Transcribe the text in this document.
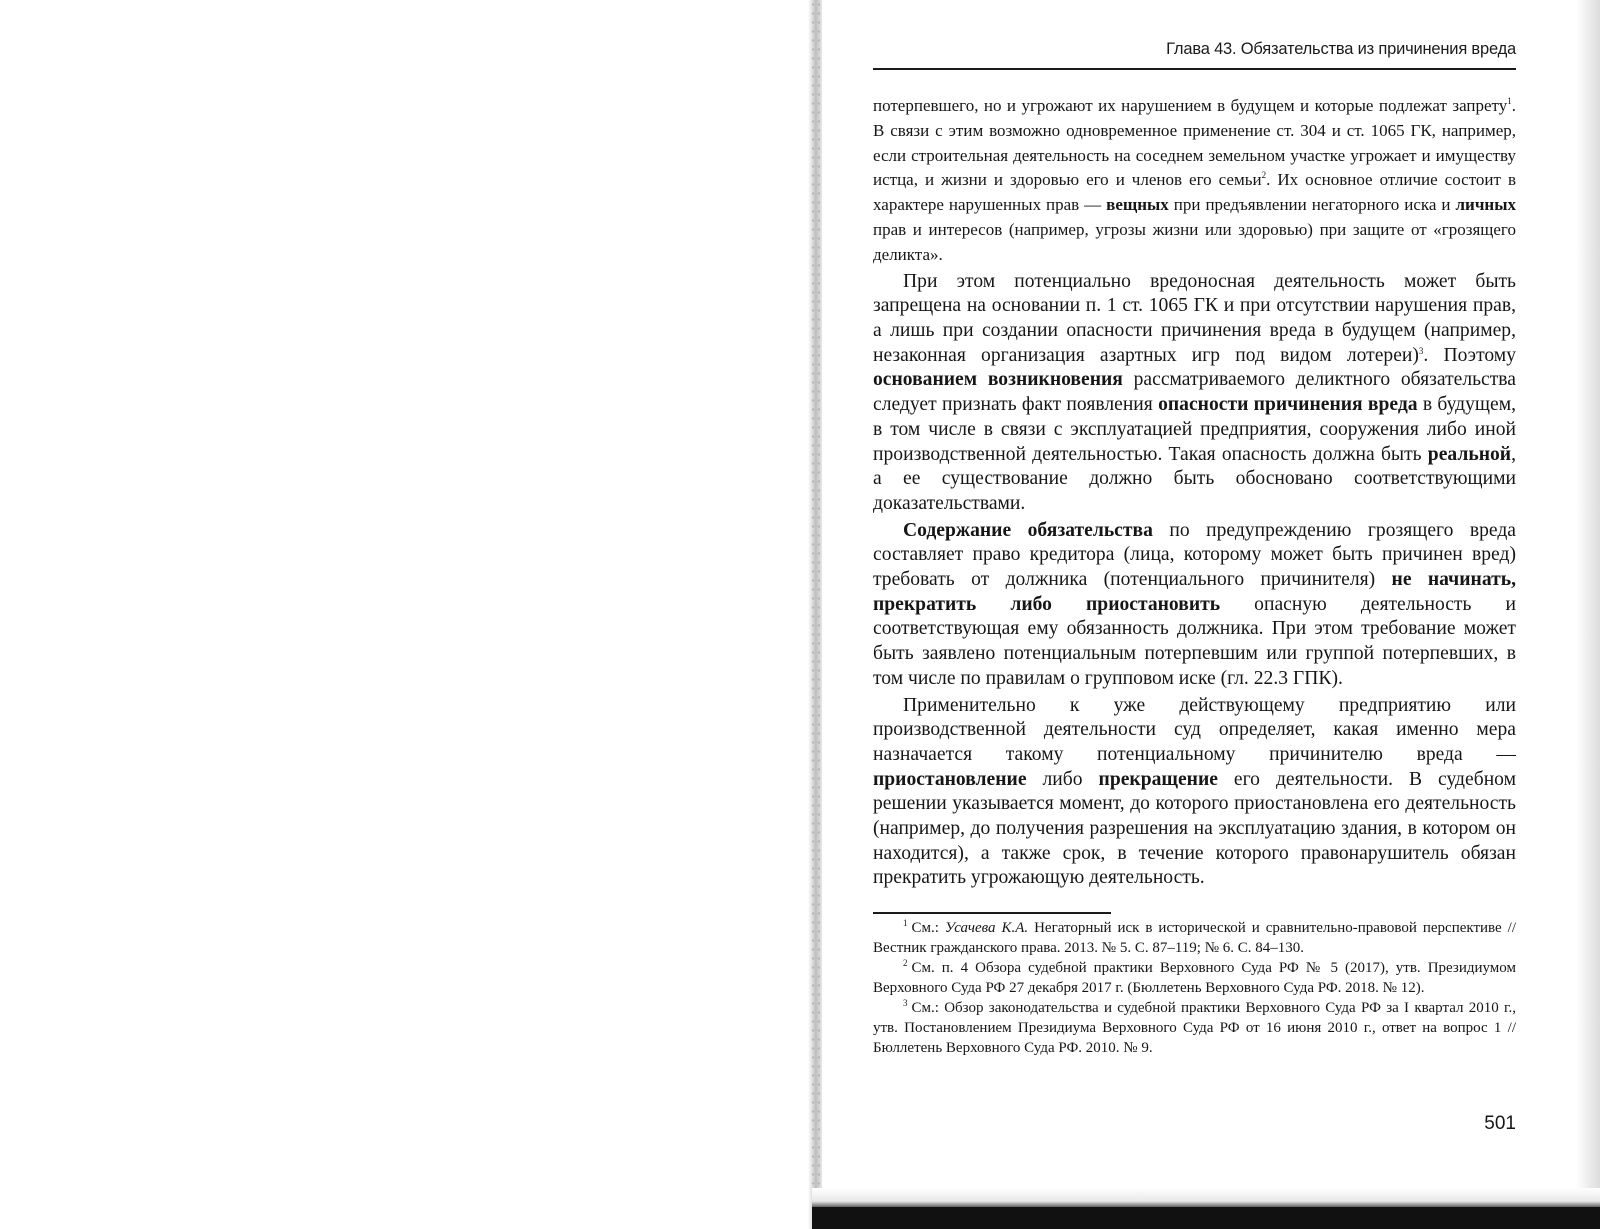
Глава 43. Обязательства из причинения вреда

потерпевшего, но и угрожают их нарушением в будущем и которые подлежат запрету$^1$. В связи с этим возможно одновременное применение ст. 304 и ст. 1065 ГК, например, если строительная деятельность на соседнем земельном участке угрожает и имуществу истца, и жизни и здоровью его и членов его семьи$^2$. Их основное отличие состоит в характере нарушенных прав — вещных при предъявлении негаторного иска и личных прав и интересов (например, угрозы жизни или здоровью) при защите от «грозящего деликта».

При этом потенциально вредоносная деятельность может быть запрещена на основании п. 1 ст. 1065 ГК и при отсутствии нарушения прав, а лишь при создании опасности причинения вреда в будущем (например, незаконная организация азартных игр под видом лотереи)$^3$. Поэтому основанием возникновения рассматриваемого деликтного обязательства следует признать факт появления опасности причинения вреда в будущем, в том числе в связи с эксплуатацией предприятия, сооружения либо иной производственной деятельностью. Такая опасность должна быть реальной, а ее существование должно быть обосновано соответствующими доказательствами.

Содержание обязательства по предупреждению грозящего вреда составляет право кредитора (лица, которому может быть причинен вред) требовать от должника (потенциального причинителя) не начинать, прекратить либо приостановить опасную деятельность и соответствующая ему обязанность должника. При этом требование может быть заявлено потенциальным потерпевшим или группой потерпевших, в том числе по правилам о групповом иске (гл. 22.3 ГПК).

Применительно к уже действующему предприятию или производственной деятельности суд определяет, какая именно мера назначается такому потенциальному причинителю вреда — приостановление либо прекращение его деятельности. В судебном решении указывается момент, до которого приостановлена его деятельность (например, до получения разрешения на эксплуатацию здания, в котором он находится), а также срок, в течение которого правонарушитель обязан прекратить угрожающую деятельность.

$^1$ См.: Усачева К.А. Негаторный иск в исторической и сравнительно-правовой перспективе // Вестник гражданского права. 2013. № 5. С. 87–119; № 6. С. 84–130.

$^2$ См. п. 4 Обзора судебной практики Верховного Суда РФ № 5 (2017), утв. Президиумом Верховного Суда РФ 27 декабря 2017 г. (Бюллетень Верховного Суда РФ. 2018. № 12).

$^3$ См.: Обзор законодательства и судебной практики Верховного Суда РФ за I квартал 2010 г., утв. Постановлением Президиума Верховного Суда РФ от 16 июня 2010 г., ответ на вопрос 1 // Бюллетень Верховного Суда РФ. 2010. № 9.

501
